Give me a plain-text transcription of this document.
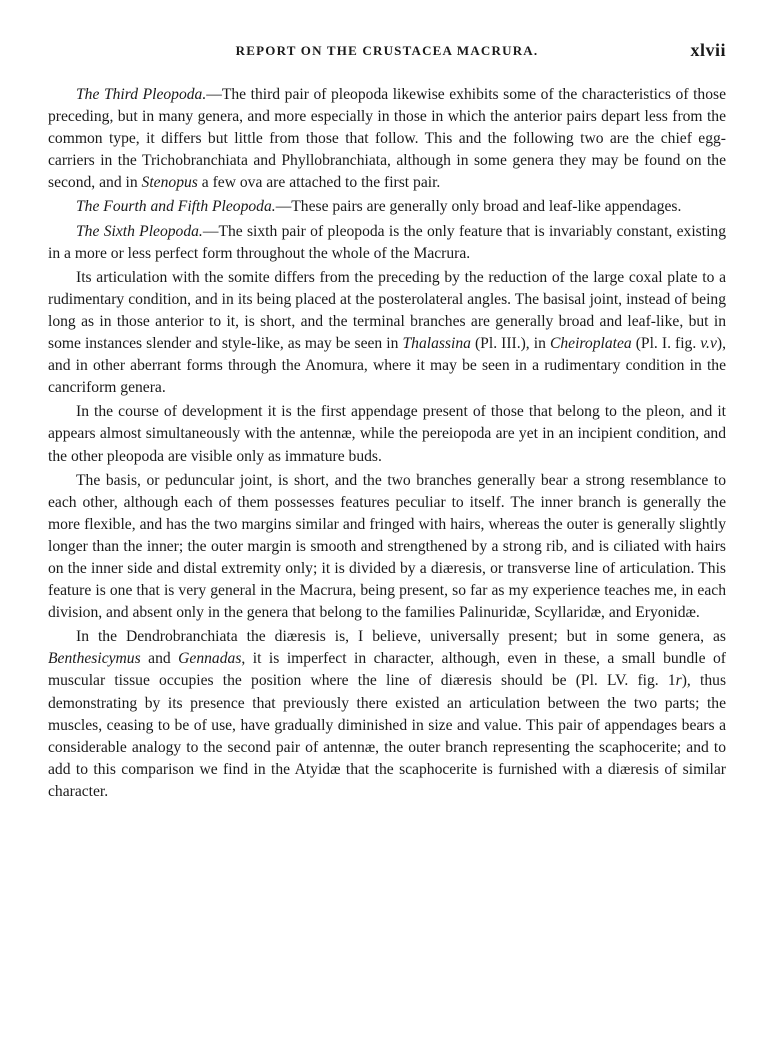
REPORT ON THE CRUSTACEA MACRURA.	xlvii

The Third Pleopoda.—The third pair of pleopoda likewise exhibits some of the characteristics of those preceding, but in many genera, and more especially in those in which the anterior pairs depart less from the common type, it differs but little from those that follow. This and the following two are the chief egg-carriers in the Trichobranchiata and Phyllobranchiata, although in some genera they may be found on the second, and in Stenopus a few ova are attached to the first pair.

The Fourth and Fifth Pleopoda.—These pairs are generally only broad and leaf-like appendages.

The Sixth Pleopoda.—The sixth pair of pleopoda is the only feature that is invariably constant, existing in a more or less perfect form throughout the whole of the Macrura.

Its articulation with the somite differs from the preceding by the reduction of the large coxal plate to a rudimentary condition, and in its being placed at the posterolateral angles. The basisal joint, instead of being long as in those anterior to it, is short, and the terminal branches are generally broad and leaf-like, but in some instances slender and style-like, as may be seen in Thalassina (Pl. III.), in Cheiroplatea (Pl. I. fig. v.v), and in other aberrant forms through the Anomura, where it may be seen in a rudimentary condition in the cancriform genera.

In the course of development it is the first appendage present of those that belong to the pleon, and it appears almost simultaneously with the antennæ, while the pereiopoda are yet in an incipient condition, and the other pleopoda are visible only as immature buds.

The basis, or peduncular joint, is short, and the two branches generally bear a strong resemblance to each other, although each of them possesses features peculiar to itself. The inner branch is generally the more flexible, and has the two margins similar and fringed with hairs, whereas the outer is generally slightly longer than the inner; the outer margin is smooth and strengthened by a strong rib, and is ciliated with hairs on the inner side and distal extremity only; it is divided by a diæresis, or transverse line of articulation. This feature is one that is very general in the Macrura, being present, so far as my experience teaches me, in each division, and absent only in the genera that belong to the families Palinuridæ, Scyllaridæ, and Eryonidæ.

In the Dendrobranchiata the diæresis is, I believe, universally present; but in some genera, as Benthesicymus and Gennadas, it is imperfect in character, although, even in these, a small bundle of muscular tissue occupies the position where the line of diæresis should be (Pl. LV. fig. 1r), thus demonstrating by its presence that previously there existed an articulation between the two parts; the muscles, ceasing to be of use, have gradually diminished in size and value. This pair of appendages bears a considerable analogy to the second pair of antennæ, the outer branch representing the scaphocerite; and to add to this comparison we find in the Atyidæ that the scaphocerite is furnished with a diæresis of similar character.
